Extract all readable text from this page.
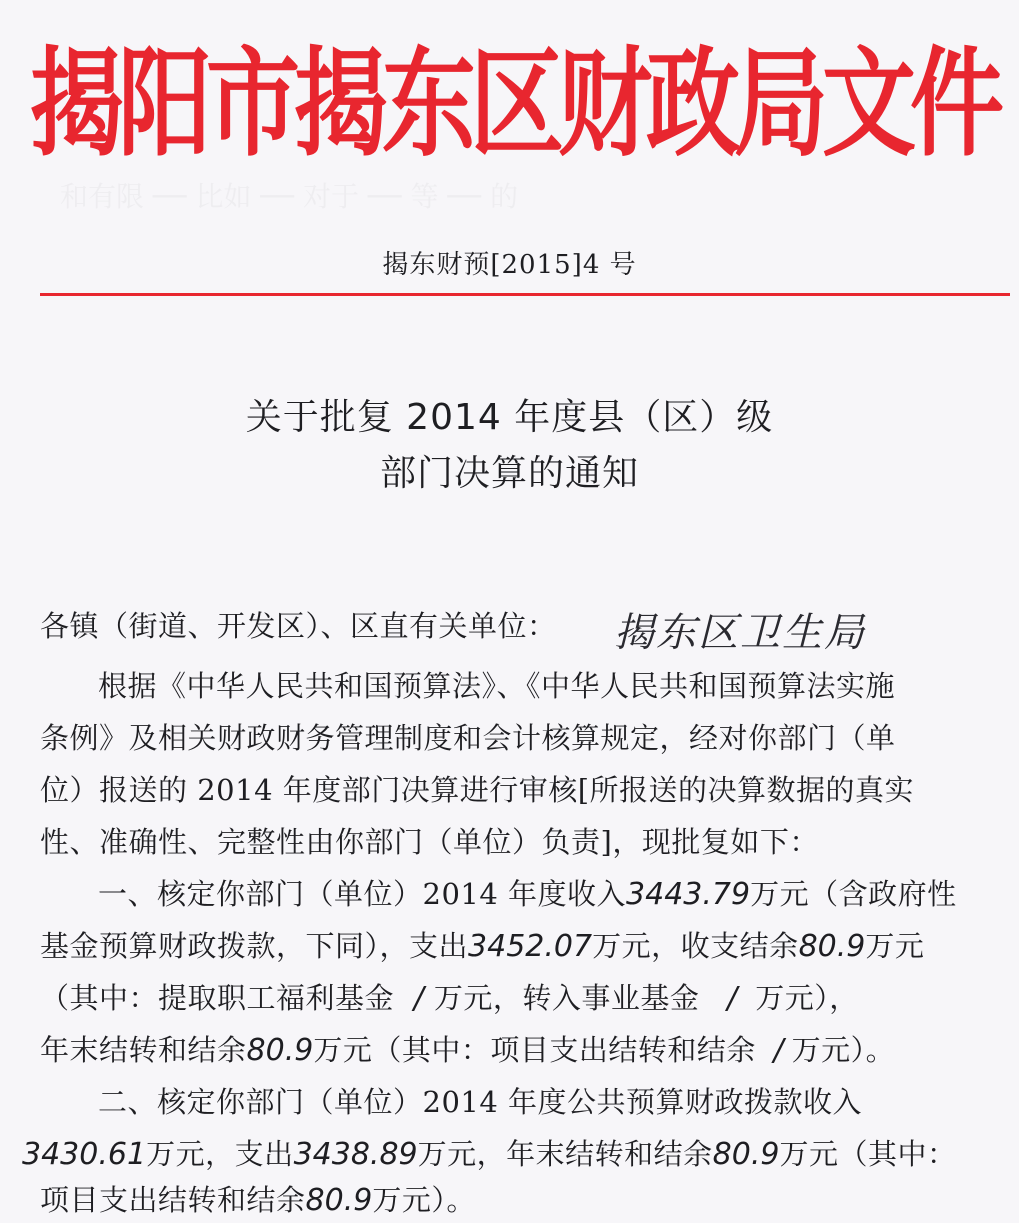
和有限 ── 比如 ── 对于 ── 等 ── 的
揭阳市揭东区财政局文件
揭东财预[2015]4 号
关于批复 2014 年度县（区）级
部门决算的通知
各镇（街道、开发区）、区直有关单位：	揭东区卫生局
根据《中华人民共和国预算法》、《中华人民共和国预算法实施
条例》及相关财政财务管理制度和会计核算规定，经对你部门（单
位）报送的 2014 年度部门决算进行审核[所报送的决算数据的真实
性、准确性、完整性由你部门（单位）负责]，现批复如下：
一、核定你部门（单位）2014 年度收入3443.79万元（含政府性
基金预算财政拨款，下同），支出3452.07万元，收支结余80.9万元
（其中：提取职工福利基金 / 万元，转入事业基金 / 万元），
年末结转和结余80.9万元（其中：项目支出结转和结余 / 万元）。
二、核定你部门（单位）2014 年度公共预算财政拨款收入
3430.61万元，支出3438.89万元，年末结转和结余80.9万元（其中：
项目支出结转和结余80.9万元）。
